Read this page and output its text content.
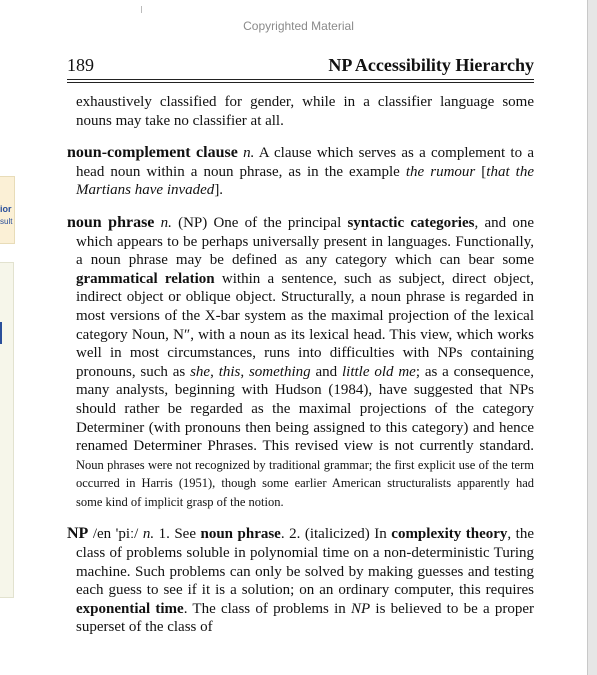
ior
sult
Copyrighted Material
189	NP Accessibility Hierarchy

exhaustively classified for gender, while in a classifier language some nouns may take no classifier at all.

noun-complement clause n. A clause which serves as a complement to a head noun within a noun phrase, as in the example the rumour [that the Martians have invaded].

noun phrase n. (NP) One of the principal syntactic categories, and one which appears to be perhaps universally present in languages. Functionally, a noun phrase may be defined as any category which can bear some grammatical relation within a sentence, such as subject, direct object, indirect object or oblique object. Structurally, a noun phrase is regarded in most versions of the X-bar system as the maximal projection of the lexical category Noun, N″, with a noun as its lexical head. This view, which works well in most circumstances, runs into difficulties with NPs containing pronouns, such as she, this, something and little old me; as a consequence, many analysts, beginning with Hudson (1984), have suggested that NPs should rather be regarded as the maximal projections of the category Determiner (with pronouns then being assigned to this category) and hence renamed Determiner Phrases. This revised view is not currently standard. Noun phrases were not recognized by traditional grammar; the first explicit use of the term occurred in Harris (1951), though some earlier American structuralists apparently had some kind of implicit grasp of the notion.

NP /en 'piː/ n. 1. See noun phrase. 2. (italicized) In complexity theory, the class of problems soluble in polynomial time on a non-deterministic Turing machine. Such problems can only be solved by making guesses and testing each guess to see if it is a solution; on an ordinary computer, this requires exponential time. The class of problems in NP is believed to be a proper superset of the class of
